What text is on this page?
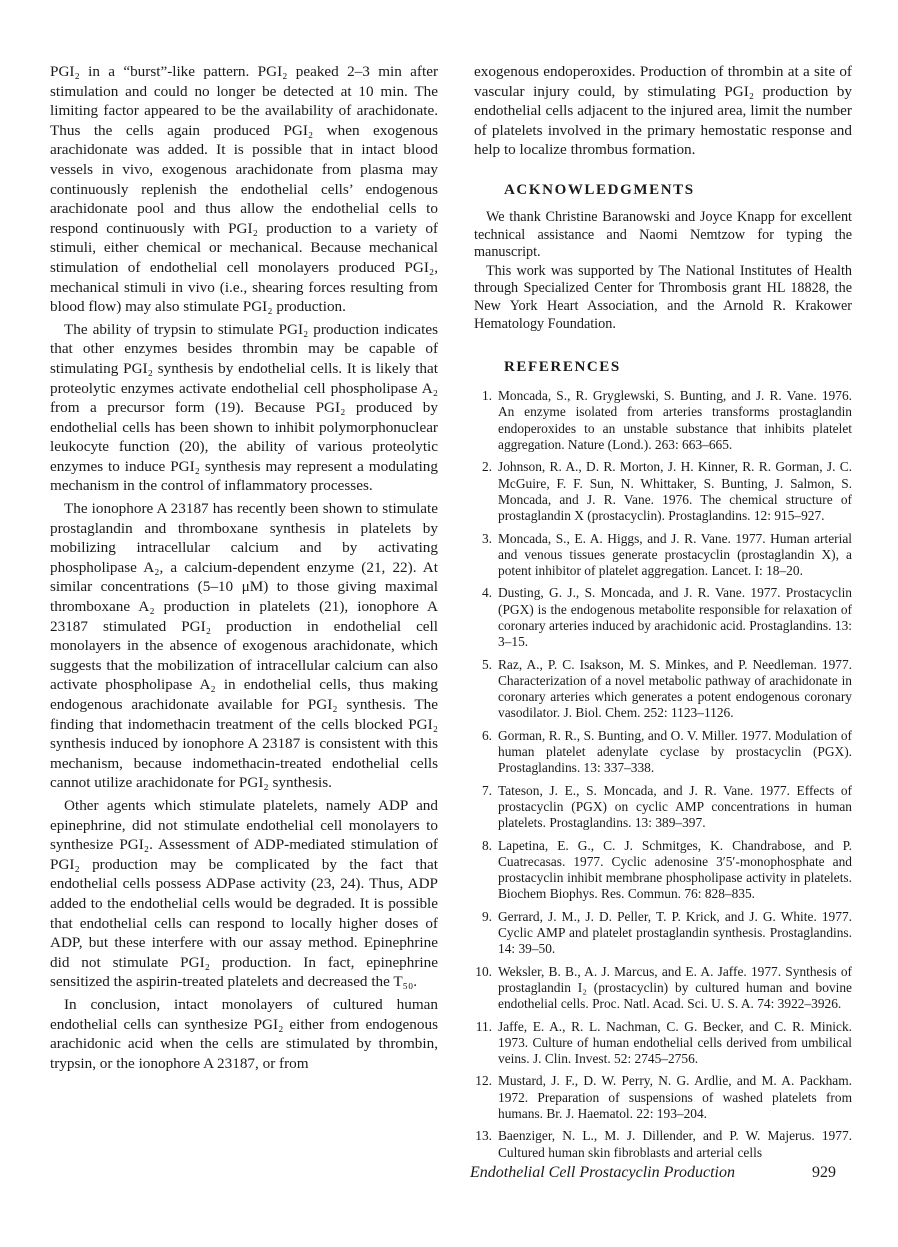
PGI₂ in a “burst”-like pattern. PGI₂ peaked 2–3 min after stimulation and could no longer be detected at 10 min. The limiting factor appeared to be the availability of arachidonate. Thus the cells again produced PGI₂ when exogenous arachidonate was added. It is possible that in intact blood vessels in vivo, exogenous arachidonate from plasma may continuously replenish the endothelial cells’ endogenous arachidonate pool and thus allow the endothelial cells to respond continuously with PGI₂ production to a variety of stimuli, either chemical or mechanical. Because mechanical stimulation of endothelial cell monolayers produced PGI₂, mechanical stimuli in vivo (i.e., shearing forces resulting from blood flow) may also stimulate PGI₂ production.

The ability of trypsin to stimulate PGI₂ production indicates that other enzymes besides thrombin may be capable of stimulating PGI₂ synthesis by endothelial cells. It is likely that proteolytic enzymes activate endothelial cell phospholipase A₂ from a precursor form (19). Because PGI₂ produced by endothelial cells has been shown to inhibit polymorphonuclear leukocyte function (20), the ability of various proteolytic enzymes to induce PGI₂ synthesis may represent a modulating mechanism in the control of inflammatory processes.

The ionophore A 23187 has recently been shown to stimulate prostaglandin and thromboxane synthesis in platelets by mobilizing intracellular calcium and by activating phospholipase A₂, a calcium-dependent enzyme (21, 22). At similar concentrations (5–10 μM) to those giving maximal thromboxane A₂ production in platelets (21), ionophore A 23187 stimulated PGI₂ production in endothelial cell monolayers in the absence of exogenous arachidonate, which suggests that the mobilization of intracellular calcium can also activate phospholipase A₂ in endothelial cells, thus making endogenous arachidonate available for PGI₂ synthesis. The finding that indomethacin treatment of the cells blocked PGI₂ synthesis induced by ionophore A 23187 is consistent with this mechanism, because indomethacin-treated endothelial cells cannot utilize arachidonate for PGI₂ synthesis.

Other agents which stimulate platelets, namely ADP and epinephrine, did not stimulate endothelial cell monolayers to synthesize PGI₂. Assessment of ADP-mediated stimulation of PGI₂ production may be complicated by the fact that endothelial cells possess ADPase activity (23, 24). Thus, ADP added to the endothelial cells would be degraded. It is possible that endothelial cells can respond to locally higher doses of ADP, but these interfere with our assay method. Epinephrine did not stimulate PGI₂ production. In fact, epinephrine sensitized the aspirin-treated platelets and decreased the T₅₀.

In conclusion, intact monolayers of cultured human endothelial cells can synthesize PGI₂ either from endogenous arachidonic acid when the cells are stimulated by thrombin, trypsin, or the ionophore A 23187, or from

exogenous endoperoxides. Production of thrombin at a site of vascular injury could, by stimulating PGI₂ production by endothelial cells adjacent to the injured area, limit the number of platelets involved in the primary hemostatic response and help to localize thrombus formation.

ACKNOWLEDGMENTS

We thank Christine Baranowski and Joyce Knapp for excellent technical assistance and Naomi Nemtzow for typing the manuscript.

This work was supported by The National Institutes of Health through Specialized Center for Thrombosis grant HL 18828, the New York Heart Association, and the Arnold R. Krakower Hematology Foundation.

REFERENCES
1. Moncada, S., R. Gryglewski, S. Bunting, and J. R. Vane. 1976. An enzyme isolated from arteries transforms prostaglandin endoperoxides to an unstable substance that inhibits platelet aggregation. Nature (Lond.). 263: 663–665.
2. Johnson, R. A., D. R. Morton, J. H. Kinner, R. R. Gorman, J. C. McGuire, F. F. Sun, N. Whittaker, S. Bunting, J. Salmon, S. Moncada, and J. R. Vane. 1976. The chemical structure of prostaglandin X (prostacyclin). Prostaglandins. 12: 915–927.
3. Moncada, S., E. A. Higgs, and J. R. Vane. 1977. Human arterial and venous tissues generate prostacyclin (prostaglandin X), a potent inhibitor of platelet aggregation. Lancet. I: 18–20.
4. Dusting, G. J., S. Moncada, and J. R. Vane. 1977. Prostacyclin (PGX) is the endogenous metabolite responsible for relaxation of coronary arteries induced by arachidonic acid. Prostaglandins. 13: 3–15.
5. Raz, A., P. C. Isakson, M. S. Minkes, and P. Needleman. 1977. Characterization of a novel metabolic pathway of arachidonate in coronary arteries which generates a potent endogenous coronary vasodilator. J. Biol. Chem. 252: 1123–1126.
6. Gorman, R. R., S. Bunting, and O. V. Miller. 1977. Modulation of human platelet adenylate cyclase by prostacyclin (PGX). Prostaglandins. 13: 337–338.
7. Tateson, J. E., S. Moncada, and J. R. Vane. 1977. Effects of prostacyclin (PGX) on cyclic AMP concentrations in human platelets. Prostaglandins. 13: 389–397.
8. Lapetina, E. G., C. J. Schmitges, K. Chandrabose, and P. Cuatrecasas. 1977. Cyclic adenosine 3′5′-monophosphate and prostacyclin inhibit membrane phospholipase activity in platelets. Biochem Biophys. Res. Commun. 76: 828–835.
9. Gerrard, J. M., J. D. Peller, T. P. Krick, and J. G. White. 1977. Cyclic AMP and platelet prostaglandin synthesis. Prostaglandins. 14: 39–50.
10. Weksler, B. B., A. J. Marcus, and E. A. Jaffe. 1977. Synthesis of prostaglandin I₂ (prostacyclin) by cultured human and bovine endothelial cells. Proc. Natl. Acad. Sci. U. S. A. 74: 3922–3926.
11. Jaffe, E. A., R. L. Nachman, C. G. Becker, and C. R. Minick. 1973. Culture of human endothelial cells derived from umbilical veins. J. Clin. Invest. 52: 2745–2756.
12. Mustard, J. F., D. W. Perry, N. G. Ardlie, and M. A. Packham. 1972. Preparation of suspensions of washed platelets from humans. Br. J. Haematol. 22: 193–204.
13. Baenziger, N. L., M. J. Dillender, and P. W. Majerus. 1977. Cultured human skin fibroblasts and arterial cells
Endothelial Cell Prostacyclin Production	929
